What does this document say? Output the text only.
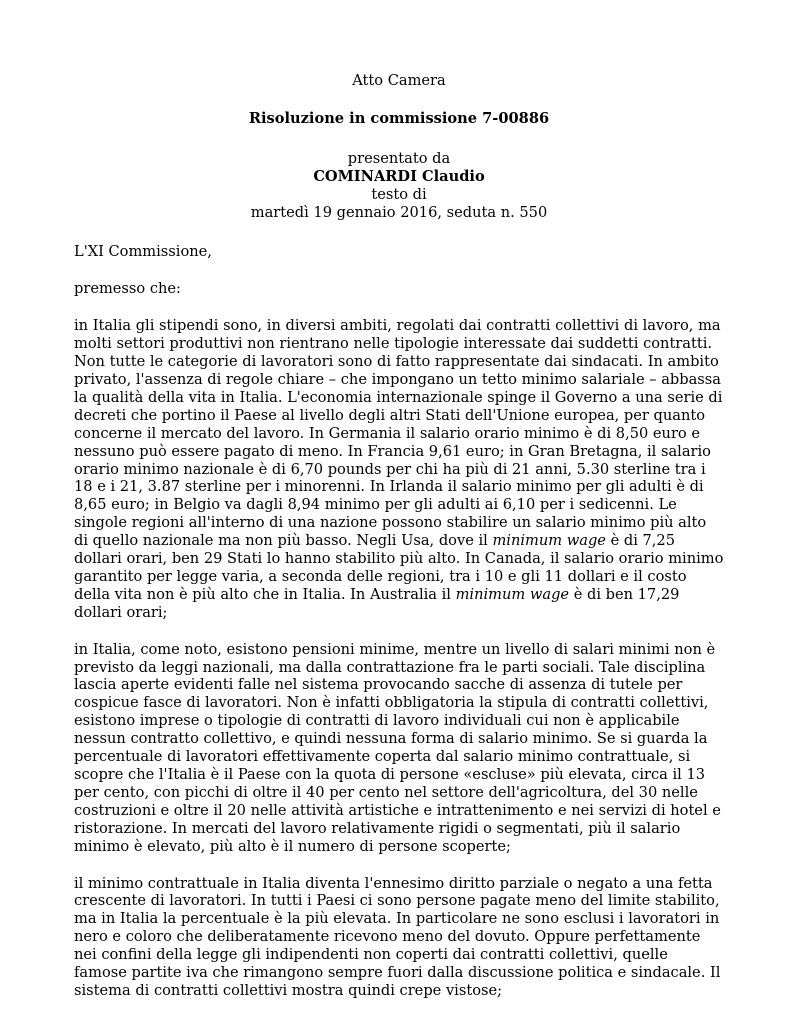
Atto Camera
Risoluzione in commissione 7-00886
presentato da
COMINARDI Claudio
testo di
martedì 19 gennaio 2016, seduta n. 550

L'XI Commissione,

premesso che:

in Italia gli stipendi sono, in diversi ambiti, regolati dai contratti collettivi di lavoro, ma molti settori produttivi non rientrano nelle tipologie interessate dai suddetti contratti. Non tutte le categorie di lavoratori sono di fatto rappresentate dai sindacati. In ambito privato, l'assenza di regole chiare – che impongano un tetto minimo salariale – abbassa la qualità della vita in Italia. L'economia internazionale spinge il Governo a una serie di decreti che portino il Paese al livello degli altri Stati dell'Unione europea, per quanto concerne il mercato del lavoro. In Germania il salario orario minimo è di 8,50 euro e nessuno può essere pagato di meno. In Francia 9,61 euro; in Gran Bretagna, il salario orario minimo nazionale è di 6,70 pounds per chi ha più di 21 anni, 5.30 sterline tra i 18 e i 21, 3.87 sterline per i minorenni. In Irlanda il salario minimo per gli adulti è di 8,65 euro; in Belgio va dagli 8,94 minimo per gli adulti ai 6,10 per i sedicenni. Le singole regioni all'interno di una nazione possono stabilire un salario minimo più alto di quello nazionale ma non più basso. Negli Usa, dove il minimum wage è di 7,25 dollari orari, ben 29 Stati lo hanno stabilito più alto. In Canada, il salario orario minimo garantito per legge varia, a seconda delle regioni, tra i 10 e gli 11 dollari e il costo della vita non è più alto che in Italia. In Australia il minimum wage è di ben 17,29 dollari orari;

in Italia, come noto, esistono pensioni minime, mentre un livello di salari minimi non è previsto da leggi nazionali, ma dalla contrattazione fra le parti sociali. Tale disciplina lascia aperte evidenti falle nel sistema provocando sacche di assenza di tutele per cospicue fasce di lavoratori. Non è infatti obbligatoria la stipula di contratti collettivi, esistono imprese o tipologie di contratti di lavoro individuali cui non è applicabile nessun contratto collettivo, e quindi nessuna forma di salario minimo. Se si guarda la percentuale di lavoratori effettivamente coperta dal salario minimo contrattuale, si scopre che l'Italia è il Paese con la quota di persone «escluse» più elevata, circa il 13 per cento, con picchi di oltre il 40 per cento nel settore dell'agricoltura, del 30 nelle costruzioni e oltre il 20 nelle attività artistiche e intrattenimento e nei servizi di hotel e ristorazione. In mercati del lavoro relativamente rigidi o segmentati, più il salario minimo è elevato, più alto è il numero di persone scoperte;

il minimo contrattuale in Italia diventa l'ennesimo diritto parziale o negato a una fetta crescente di lavoratori. In tutti i Paesi ci sono persone pagate meno del limite stabilito, ma in Italia la percentuale è la più elevata. In particolare ne sono esclusi i lavoratori in nero e coloro che deliberatamente ricevono meno del dovuto. Oppure perfettamente nei confini della legge gli indipendenti non coperti dai contratti collettivi, quelle famose partite iva che rimangono sempre fuori dalla discussione politica e sindacale. Il sistema di contratti collettivi mostra quindi crepe vistose;
